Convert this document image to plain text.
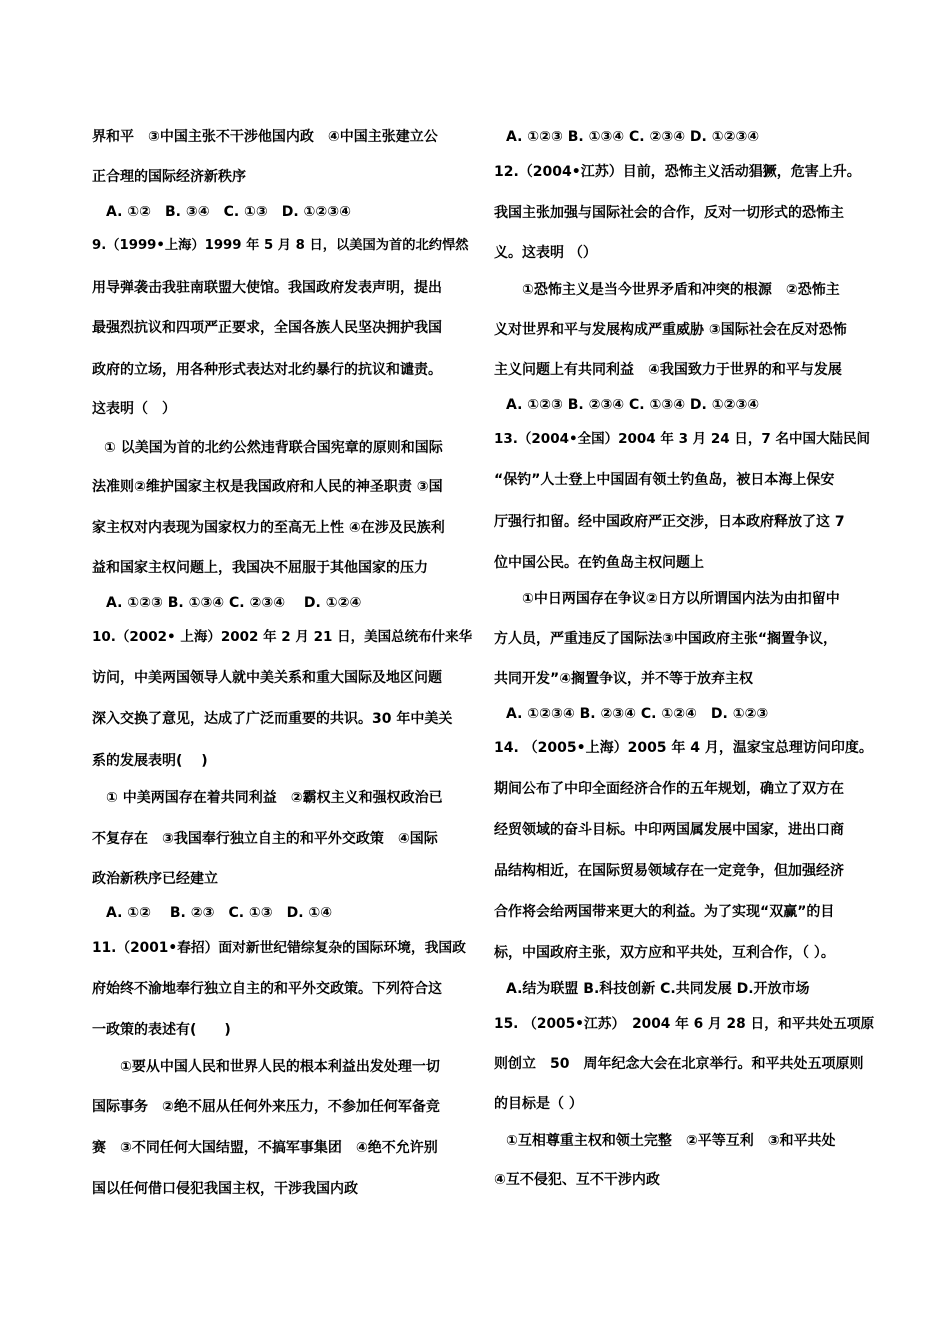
界和平　③中国主张不干涉他国内政　④中国主张建立公
正合理的国际经济新秩序
A. ①②　B. ③④　C. ①③　D. ①②③④
9.（1999•上海）1999 年 5 月 8 日，以美国为首的北约悍然
用导弹袭击我驻南联盟大使馆。我国政府发表声明，提出
最强烈抗议和四项严正要求，全国各族人民坚决拥护我国
政府的立场，用各种形式表达对北约暴行的抗议和谴责。
这表明（　）
① 以美国为首的北约公然违背联合国宪章的原则和国际
法准则②维护国家主权是我国政府和人民的神圣职责 ③国
家主权对内表现为国家权力的至高无上性 ④在涉及民族利
益和国家主权问题上，我国决不屈服于其他国家的压力
A. ①②③ B. ①③④ C. ②③④　 D. ①②④
10.（2002• 上海）2002 年 2 月 21 日，美国总统布什来华
访问，中美两国领导人就中美关系和重大国际及地区问题
深入交换了意见，达成了广泛而重要的共识。30 年中美关
系的发展表明(　 )
① 中美两国存在着共同利益　②霸权主义和强权政治已
不复存在　③我国奉行独立自主的和平外交政策　④国际
政治新秩序已经建立
A. ①②　 B. ②③　C. ①③　D. ①④
11.（2001•春招）面对新世纪错综复杂的国际环境，我国政
府始终不渝地奉行独立自主的和平外交政策。下列符合这
一政策的表述有(　　)
①要从中国人民和世界人民的根本利益出发处理一切
国际事务　②绝不屈从任何外来压力，不参加任何军备竞
赛　③不同任何大国结盟，不搞军事集团　④绝不允许别
国以任何借口侵犯我国主权，干涉我国内政
A. ①②③ B. ①③④ C. ②③④ D. ①②③④
12.（2004•江苏）目前，恐怖主义活动猖獗，危害上升。
我国主张加强与国际社会的合作，反对一切形式的恐怖主
义。这表明 （）
①恐怖主义是当今世界矛盾和冲突的根源　②恐怖主
义对世界和平与发展构成严重威胁 ③国际社会在反对恐怖
主义问题上有共同利益　④我国致力于世界的和平与发展
A. ①②③ B. ②③④ C. ①③④ D. ①②③④
13.（2004•全国）2004 年 3 月 24 日，7 名中国大陆民间
“保钓”人士登上中国固有领土钓鱼岛，被日本海上保安
厅强行扣留。经中国政府严正交涉，日本政府释放了这 7
位中国公民。在钓鱼岛主权问题上
①中日两国存在争议②日方以所谓国内法为由扣留中
方人员，严重违反了国际法③中国政府主张“搁置争议，
共同开发”④搁置争议，并不等于放弃主权
A. ①②③④ B. ②③④ C. ①②④　D. ①②③
14. （2005•上海）2005 年 4 月，温家宝总理访问印度。
期间公布了中印全面经济合作的五年规划，确立了双方在
经贸领域的奋斗目标。中印两国属发展中国家，进出口商
品结构相近，在国际贸易领域存在一定竞争，但加强经济
合作将会给两国带来更大的利益。为了实现“双赢”的目
标，中国政府主张，双方应和平共处，互利合作，（ ）。
A.结为联盟 B.科技创新 C.共同发展 D.开放市场
15. （2005•江苏）　2004 年 6 月 28 日，和平共处五项原
则创立　50　周年纪念大会在北京举行。和平共处五项原则
的目标是（ ）
①互相尊重主权和领土完整　②平等互利　③和平共处
④互不侵犯、互不干涉内政
